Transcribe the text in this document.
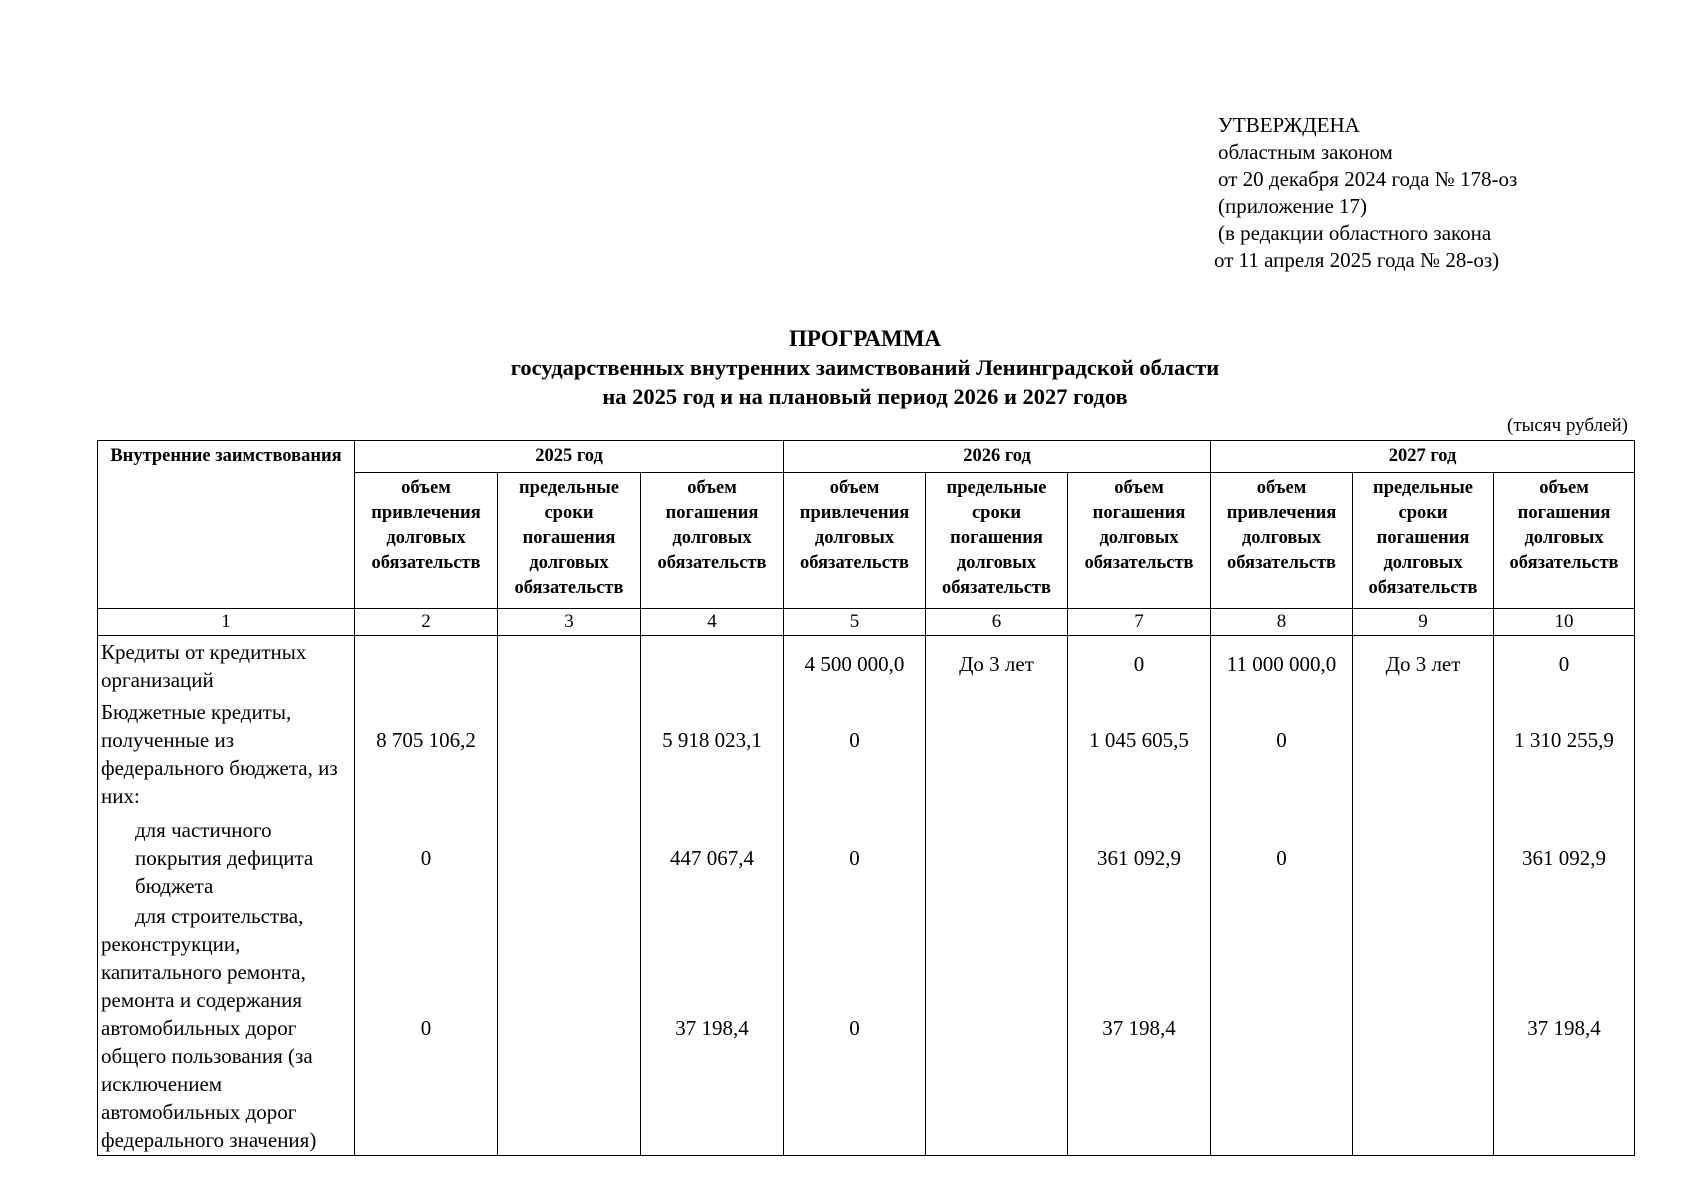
УТВЕРЖДЕНА
областным законом
от 20 декабря 2024 года № 178-оз
(приложение 17)
(в редакции областного закона
от 11 апреля 2025 года № 28-оз)
ПРОГРАММА
государственных внутренних заимствований Ленинградской области
на 2025 год и на плановый период 2026 и 2027 годов
(тысяч рублей)
Внутренние заимствования	2025 год			2026 год			2027 год		
	объем привлечения долговых обязательств	предельные сроки погашения долговых обязательств	объем погашения долговых обязательств	объем привлечения долговых обязательств	предельные сроки погашения долговых обязательств	объем погашения долговых обязательств	объем привлечения долговых обязательств	предельные сроки погашения долговых обязательств	объем погашения долговых обязательств
1	2	3	4	5	6	7	8	9	10
Кредиты от кредитных организаций				4 500 000,0	До 3 лет	0	11 000 000,0	До 3 лет	0
Бюджетные кредиты, полученные из федерального бюджета, из них:	8 705 106,2		5 918 023,1	0		1 045 605,5	0		1 310 255,9
для частичного покрытия дефицита бюджета	0		447 067,4	0		361 092,9	0		361 092,9

для строительства, реконструкции, капитального ремонта, ремонта и содержания автомобильных дорог общего пользования (за исключением автомобильных дорог федерального значения)	0		37 198,4	0		37 198,4			37 198,4
